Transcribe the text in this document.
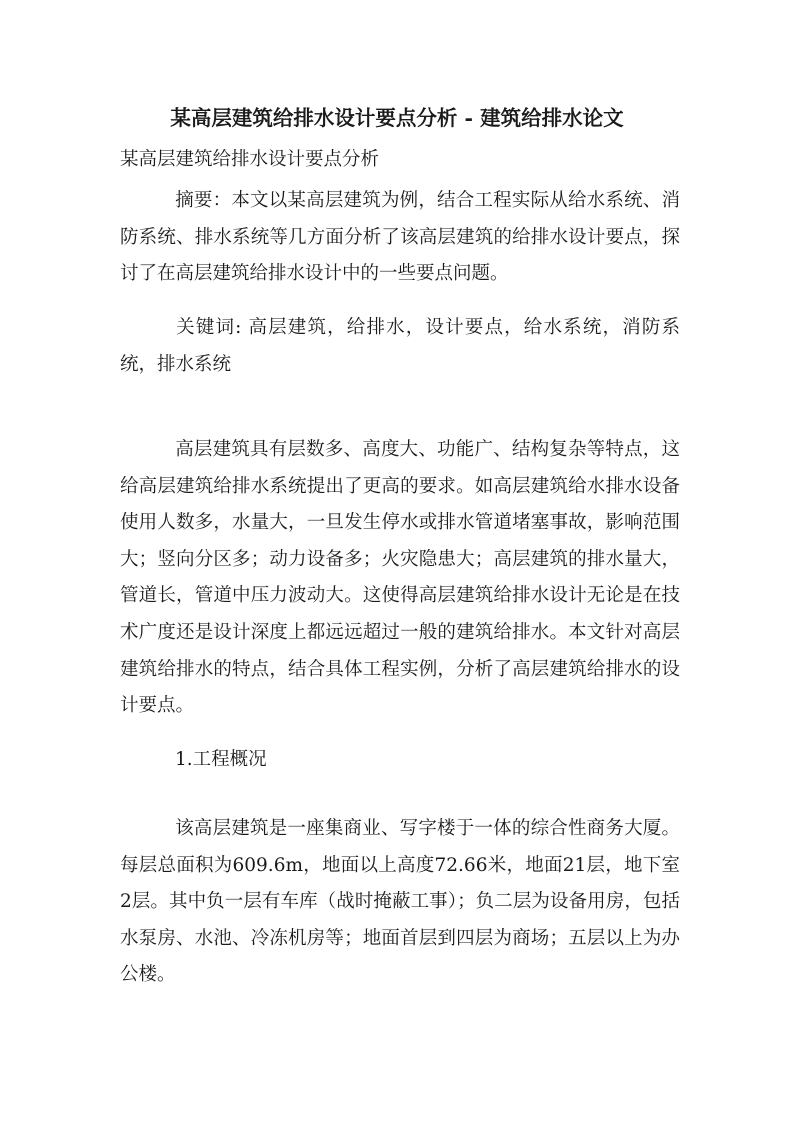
某高层建筑给排水设计要点分析 - 建筑给排水论文
某高层建筑给排水设计要点分析

摘要：本文以某高层建筑为例，结合工程实际从给水系统、消防系统、排水系统等几方面分析了该高层建筑的给排水设计要点，探讨了在高层建筑给排水设计中的一些要点问题。

关键词: 高层建筑，给排水，设计要点，给水系统，消防系统，排水系统

高层建筑具有层数多、高度大、功能广、结构复杂等特点，这给高层建筑给排水系统提出了更高的要求。如高层建筑给水排水设备使用人数多，水量大，一旦发生停水或排水管道堵塞事故，影响范围大；竖向分区多；动力设备多；火灾隐患大；高层建筑的排水量大，管道长，管道中压力波动大。这使得高层建筑给排水设计无论是在技术广度还是设计深度上都远远超过一般的建筑给排水。本文针对高层建筑给排水的特点，结合具体工程实例，分析了高层建筑给排水的设计要点。

1.工程概况

该高层建筑是一座集商业、写字楼于一体的综合性商务大厦。每层总面积为609.6m，地面以上高度72.66米，地面21层，地下室2层。其中负一层有车库（战时掩蔽工事）；负二层为设备用房，包括水泵房、水池、冷冻机房等；地面首层到四层为商场；五层以上为办公楼。
